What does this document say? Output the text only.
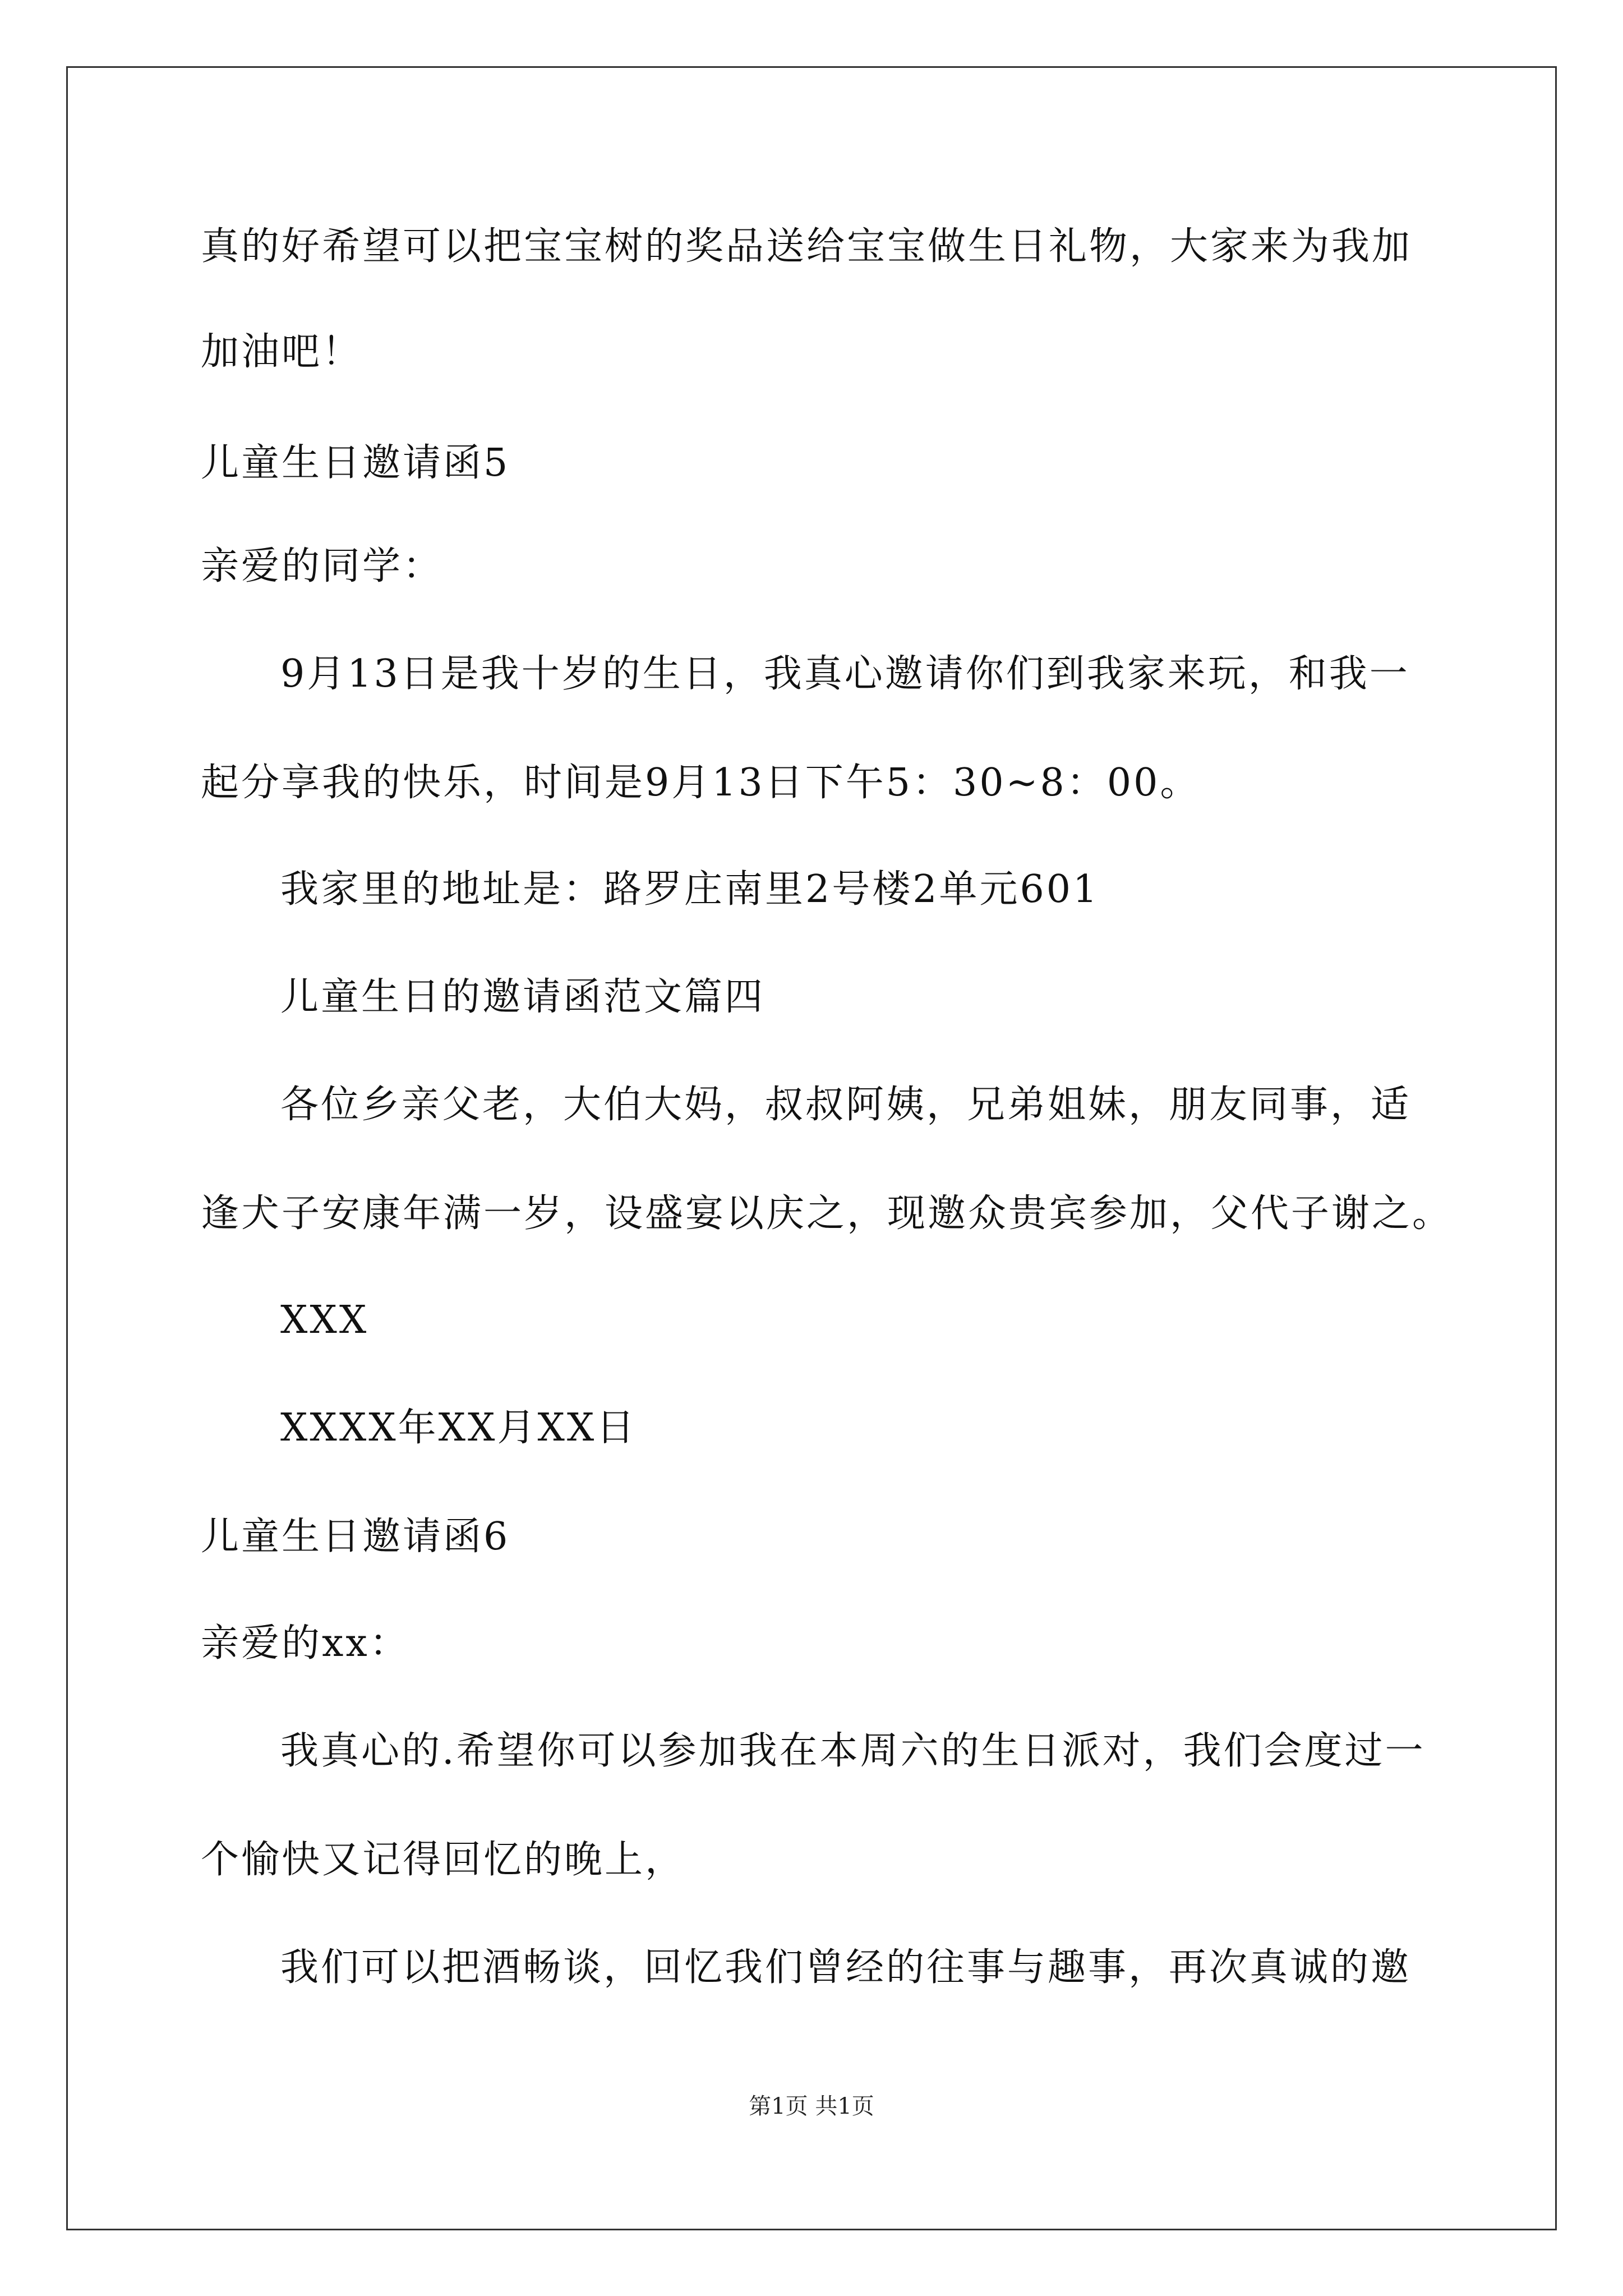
真的好希望可以把宝宝树的奖品送给宝宝做生日礼物，大家来为我加
加油吧！
儿童生日邀请函5
亲爱的同学：
9月13日是我十岁的生日，我真心邀请你们到我家来玩，和我一
起分享我的快乐，时间是9月13日下午5：30~8：00。
我家里的地址是：路罗庄南里2号楼2单元601
儿童生日的邀请函范文篇四
各位乡亲父老，大伯大妈，叔叔阿姨，兄弟姐妹，朋友同事，适
逢犬子安康年满一岁，设盛宴以庆之，现邀众贵宾参加，父代子谢之。
XXX
XXXX年XX月XX日
儿童生日邀请函6
亲爱的xx：
我真心的.希望你可以参加我在本周六的生日派对，我们会度过一
个愉快又记得回忆的晚上，
我们可以把酒畅谈，回忆我们曾经的往事与趣事，再次真诚的邀
第1页 共1页
